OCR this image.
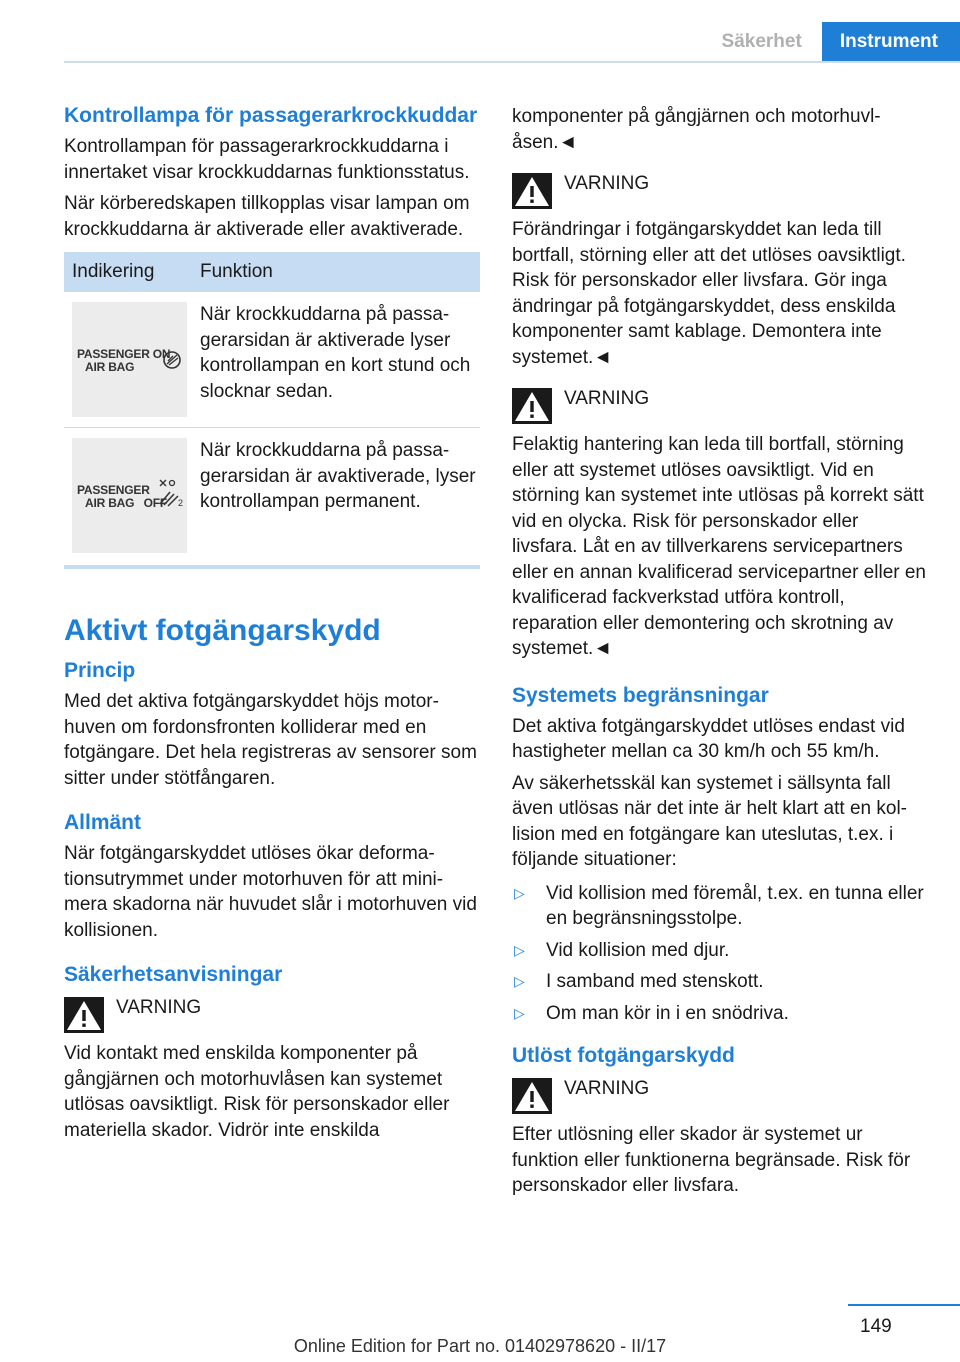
Säkerhet	Instrument
Kontrollampa för passagerarkrockkuddar

Kontrollampan för passagerarkrockkuddarna i innertaket visar krockkuddarnas funktionsstatus.

När körberedskapen tillkopplas visar lampan om krockkuddarna är aktiverade eller avaktiverade.

Indikering	Funktion
PASSENGER ON
AIR BAG
När krockkuddarna på passagerarsidan är aktiverade lyser kontrollampan en kort stund och slocknar sedan.
PASSENGER
AIR BAG   OFF 2
När krockkuddarna på passagerarsidan är avaktiverade, lyser kontrollampan permanent.
Aktivt fotgängarskydd
Princip

Med det aktiva fotgängarskyddet höjs motorhuven om fordonsfronten kolliderar med en fotgängare. Det hela registreras av sensorer som sitter under stötfångaren.

Allmänt

När fotgängarskyddet utlöses ökar deformationsutrymmet under motorhuven för att minimera skadorna när huvudet slår i motorhuven vid kollisionen.

Säkerhetsanvisningar
VARNING

Vid kontakt med enskilda komponenter på gångjärnen och motorhuvlåsen kan systemet utlösas oavsiktligt. Risk för personskador eller materiella skador. Vidrör inte enskilda

komponenter på gångjärnen och motorhuvlåsen.◄

VARNING

Förändringar i fotgängarskyddet kan leda till bortfall, störning eller att det utlöses oavsiktligt. Risk för personskador eller livsfara. Gör inga ändringar på fotgängarskyddet, dess enskilda komponenter samt kablage. Demontera inte systemet.◄

VARNING

Felaktig hantering kan leda till bortfall, störning eller att systemet utlöses oavsiktligt. Vid en störning kan systemet inte utlösas på korrekt sätt vid en olycka. Risk för personskador eller livsfara. Låt en av tillverkarens servicepartners eller en annan kvalificerad servicepartner eller en kvalificerad fackverkstad utföra kontroll, reparation eller demontering och skrotning av systemet.◄

Systemets begränsningar

Det aktiva fotgängarskyddet utlöses endast vid hastigheter mellan ca 30 km/h och 55 km/h.

Av säkerhetsskäl kan systemet i sällsynta fall även utlösas när det inte är helt klart att en kollision med en fotgängare kan uteslutas, t.ex. i följande situationer:

▷ Vid kollision med föremål, t.ex. en tunna eller en begränsningsstolpe.
▷ Vid kollision med djur.
▷ I samband med stenskott.
▷ Om man kör in i en snödriva.
Utlöst fotgängarskydd
VARNING

Efter utlösning eller skador är systemet ur funktion eller funktionerna begränsade. Risk för personskador eller livsfara.

149
Online Edition for Part no. 01402978620 - II/17
